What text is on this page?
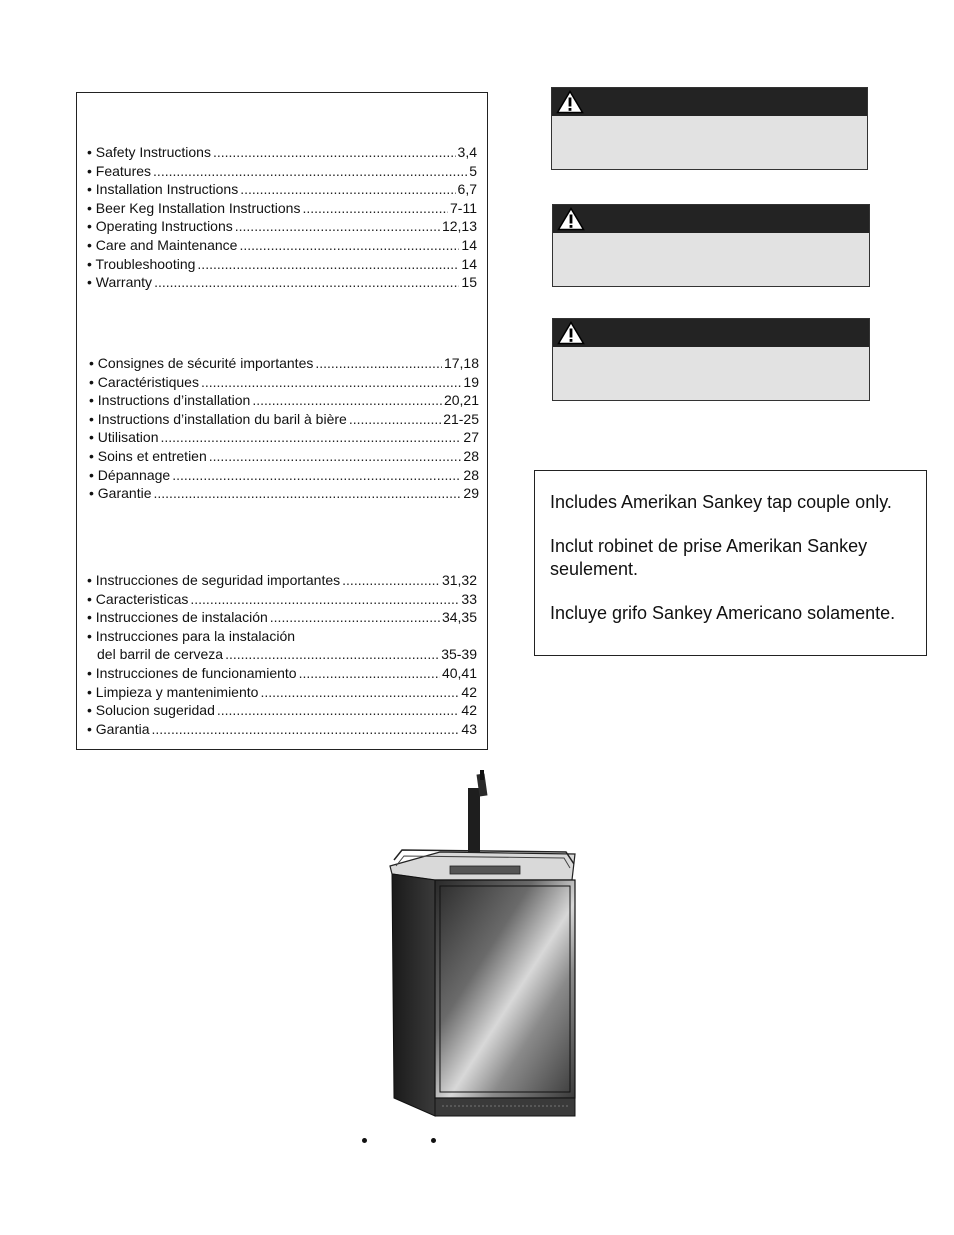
• Safety Instructions .....	3,4
• Features .....	5
• Installation Instructions .....	6,7
• Beer Keg Installation Instructions .....	7-11
• Operating Instructions .....	12,13
• Care and Maintenance .....	14
• Troubleshooting .....	14
• Warranty .....	15
• Consignes de sécurité importantes .....	17,18
• Caractéristiques .....	19
• Instructions d’installation .....	20,21
• Instructions d’installation du baril à bière .....	21-25
• Utilisation .....	27
• Soins et entretien .....	28
• Dépannage .....	28
• Garantie .....	29
• Instrucciones de seguridad importantes .....	31,32
• Caracteristicas .....	33
• Instrucciones de instalación .....	34,35
• Instrucciones para la instalación
del barril de cerveza .....	35-39
• Instrucciones de funcionamiento .....	40,41
• Limpieza y mantenimiento .....	42
• Solucion sugeridad .....	42
• Garantia .....	43

Includes Amerikan Sankey tap couple only.

Inclut robinet de prise Amerikan Sankey seulement.

Incluye grifo Sankey Americano solamente.
